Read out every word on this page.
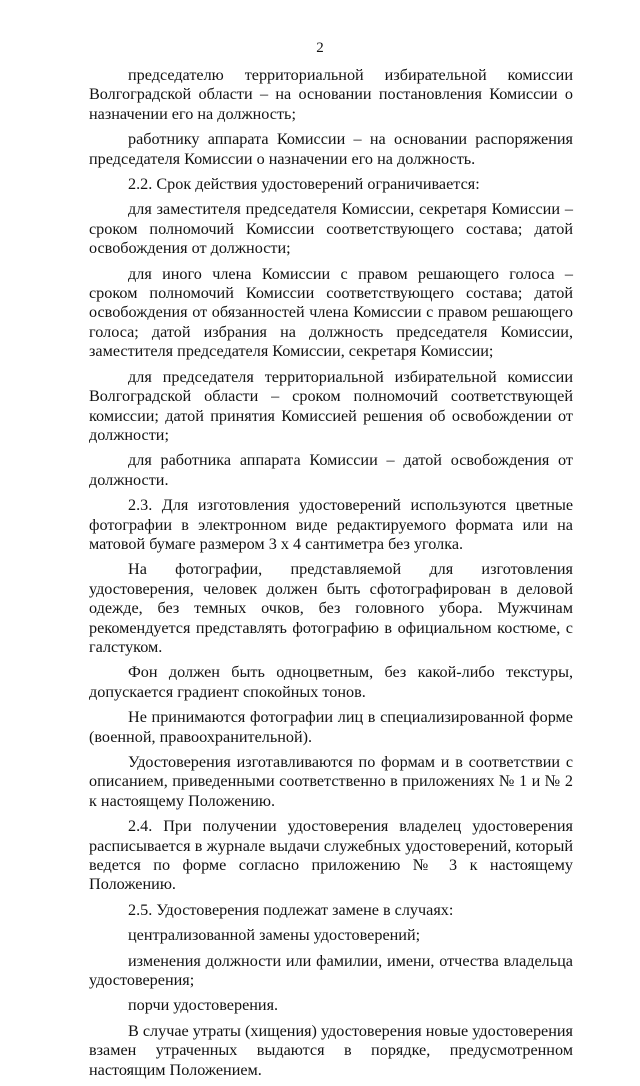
2

председателю территориальной избирательной комиссии Волгоградской области – на основании постановления Комиссии о назначении его на должность;

работнику аппарата Комиссии – на основании распоряжения председателя Комиссии о назначении его на должность.

2.2. Срок действия удостоверений ограничивается:

для заместителя председателя Комиссии, секретаря Комиссии – сроком полномочий Комиссии соответствующего состава; датой освобождения от должности;

для иного члена Комиссии с правом решающего голоса – сроком полномочий Комиссии соответствующего состава; датой освобождения от обязанностей члена Комиссии с правом решающего голоса; датой избрания на должность председателя Комиссии, заместителя председателя Комиссии, секретаря Комиссии;

для председателя территориальной избирательной комиссии Волгоградской области – сроком полномочий соответствующей комиссии; датой принятия Комиссией решения об освобождении от должности;

для работника аппарата Комиссии – датой освобождения от должности.

2.3. Для изготовления удостоверений используются цветные фотографии в электронном виде редактируемого формата или на матовой бумаге размером 3 х 4 сантиметра без уголка.

На фотографии, представляемой для изготовления удостоверения, человек должен быть сфотографирован в деловой одежде, без темных очков, без головного убора. Мужчинам рекомендуется представлять фотографию в официальном костюме, с галстуком.

Фон должен быть одноцветным, без какой-либо текстуры, допускается градиент спокойных тонов.

Не принимаются фотографии лиц в специализированной форме (военной, правоохранительной).

Удостоверения изготавливаются по формам и в соответствии с описанием, приведенными соответственно в приложениях № 1 и № 2 к настоящему Положению.

2.4. При получении удостоверения владелец удостоверения расписывается в журнале выдачи служебных удостоверений, который ведется по форме согласно приложению № 3 к настоящему Положению.

2.5. Удостоверения подлежат замене в случаях:

централизованной замены удостоверений;

изменения должности или фамилии, имени, отчества владельца удостоверения;

порчи удостоверения.

В случае утраты (хищения) удостоверения новые удостоверения взамен утраченных выдаются в порядке, предусмотренном настоящим Положением.
